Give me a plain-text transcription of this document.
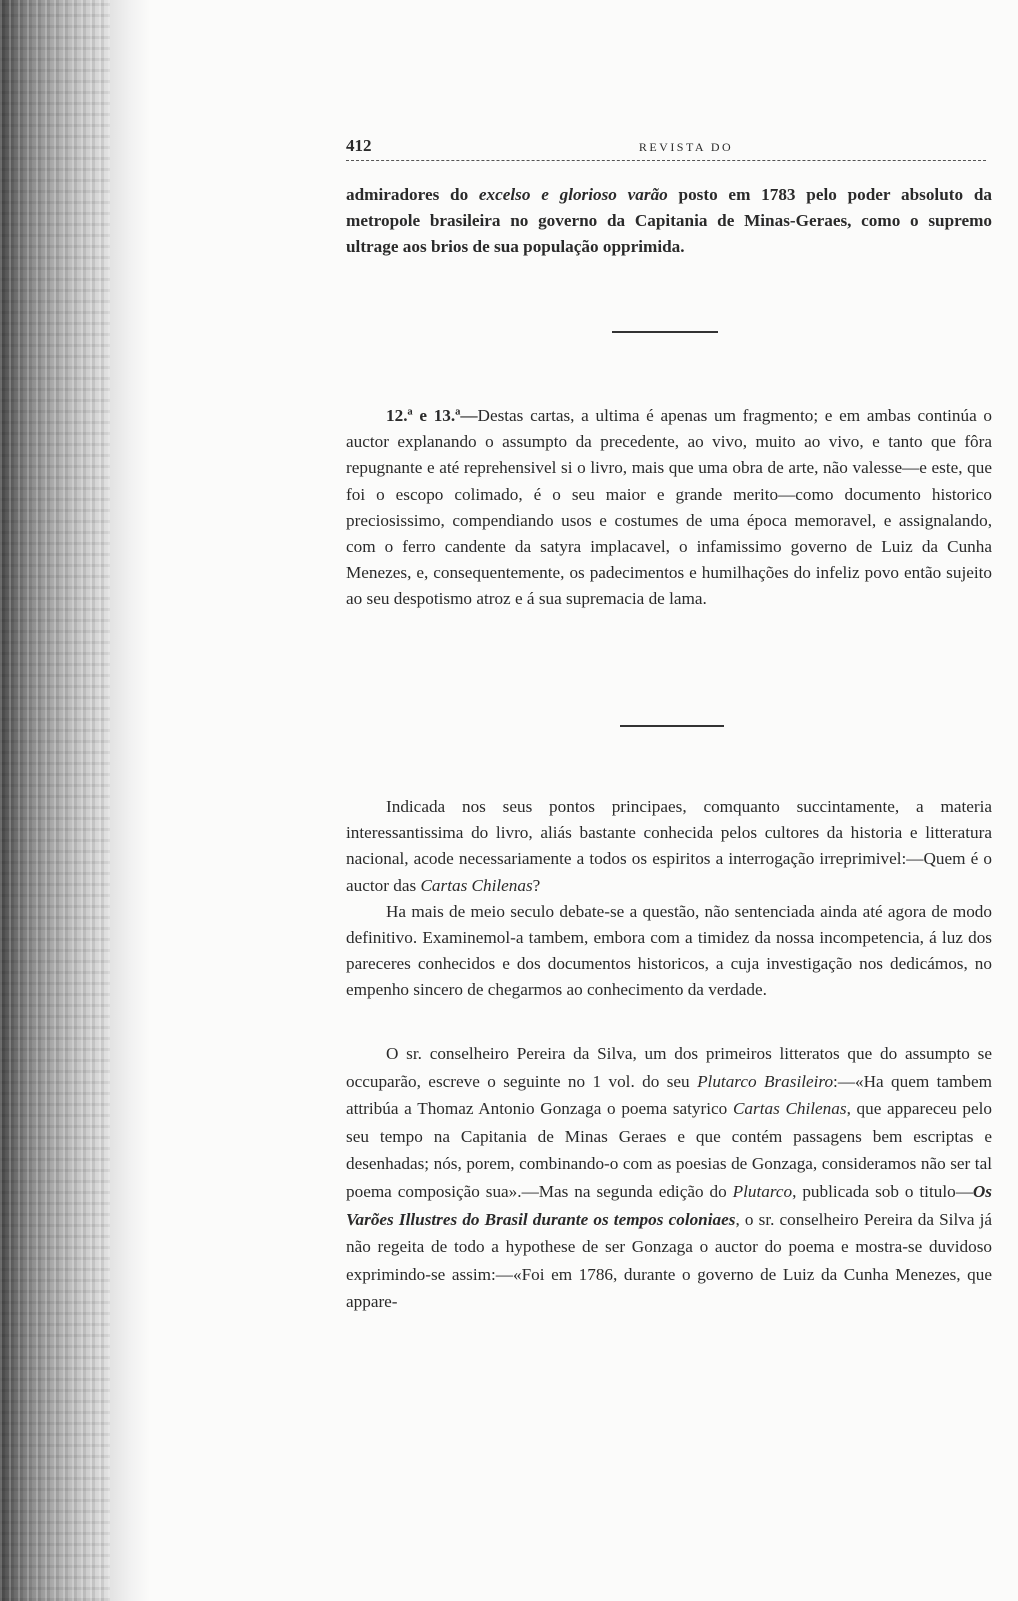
412	REVISTA DO

admiradores do excelso e glorioso varão posto em 1783 pelo poder absoluto da metropole brasileira no governo da Capitania de Minas-Geraes, como o supremo ultrage aos brios de sua população opprimida.

12.ª e 13.ª—Destas cartas, a ultima é apenas um fragmento; e em ambas continúa o auctor explanando o assumpto da precedente, ao vivo, muito ao vivo, e tanto que fôra repugnante e até reprehensivel si o livro, mais que uma obra de arte, não valesse—e este, que foi o escopo colimado, é o seu maior e grande merito—como documento historico preciosissimo, compendiando usos e costumes de uma época memoravel, e assignalando, com o ferro candente da satyra implacavel, o infamissimo governo de Luiz da Cunha Menezes, e, consequentemente, os padecimentos e humilhações do infeliz povo então sujeito ao seu despotismo atroz e á sua supremacia de lama.

Indicada nos seus pontos principaes, comquanto succintamente, a materia interessantissima do livro, aliás bastante conhecida pelos cultores da historia e litteratura nacional, acode necessariamente a todos os espiritos a interrogação irreprimivel:—Quem é o auctor das Cartas Chilenas?

Ha mais de meio seculo debate-se a questão, não sentenciada ainda até agora de modo definitivo. Examinemol-a tambem, embora com a timidez da nossa incompetencia, á luz dos pareceres conhecidos e dos documentos historicos, a cuja investigação nos dedicámos, no empenho sincero de chegarmos ao conhecimento da verdade.

O sr. conselheiro Pereira da Silva, um dos primeiros litteratos que do assumpto se occuparão, escreve o seguinte no 1 vol. do seu Plutarco Brasileiro:—«Ha quem tambem attribúa a Thomaz Antonio Gonzaga o poema satyrico Cartas Chilenas, que appareceu pelo seu tempo na Capitania de Minas Geraes e que contém passagens bem escriptas e desenhadas; nós, porem, combinando-o com as poesias de Gonzaga, consideramos não ser tal poema composição sua».—Mas na segunda edição do Plutarco, publicada sob o titulo—Os Varões Illustres do Brasil durante os tempos coloniaes, o sr. conselheiro Pereira da Silva já não regeita de todo a hypothese de ser Gonzaga o auctor do poema e mostra-se duvidoso exprimindo-se assim:—«Foi em 1786, durante o governo de Luiz da Cunha Menezes, que appare-
